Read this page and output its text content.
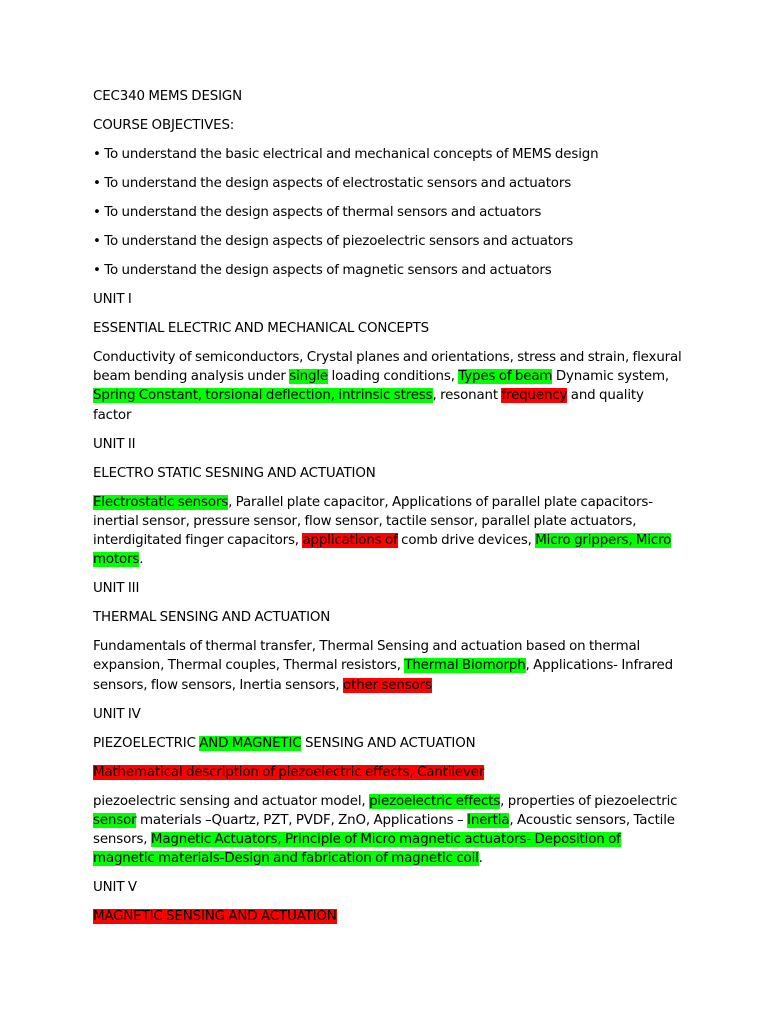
CEC340 MEMS DESIGN

COURSE OBJECTIVES:

• To understand the basic electrical and mechanical concepts of MEMS design

• To understand the design aspects of electrostatic sensors and actuators

• To understand the design aspects of thermal sensors and actuators

• To understand the design aspects of piezoelectric sensors and actuators

• To understand the design aspects of magnetic sensors and actuators

UNIT I

ESSENTIAL ELECTRIC AND MECHANICAL CONCEPTS

Conductivity of semiconductors, Crystal planes and orientations, stress and strain, flexural beam bending analysis under single loading conditions, Types of beam Dynamic system, Spring Constant, torsional deflection, intrinsic stress, resonant frequency and quality factor

UNIT II

ELECTRO STATIC SESNING AND ACTUATION

Electrostatic sensors, Parallel plate capacitor, Applications of parallel plate capacitors- inertial sensor, pressure sensor, flow sensor, tactile sensor, parallel plate actuators, interdigitated finger capacitors, applications of comb drive devices, Micro grippers, Micro motors.

UNIT III

THERMAL SENSING AND ACTUATION

Fundamentals of thermal transfer, Thermal Sensing and actuation based on thermal expansion, Thermal couples, Thermal resistors, Thermal Biomorph, Applications- Infrared sensors, flow sensors, Inertia sensors, other sensors

UNIT IV

PIEZOELECTRIC AND MAGNETIC SENSING AND ACTUATION

Mathematical description of piezoelectric effects, Cantilever

piezoelectric sensing and actuator model, piezoelectric effects, properties of piezoelectric sensor materials –Quartz, PZT, PVDF, ZnO, Applications – Inertia, Acoustic sensors, Tactile sensors, Magnetic Actuators, Principle of Micro magnetic actuators- Deposition of magnetic materials-Design and fabrication of magnetic coil.

UNIT V

MAGNETIC SENSING AND ACTUATION
